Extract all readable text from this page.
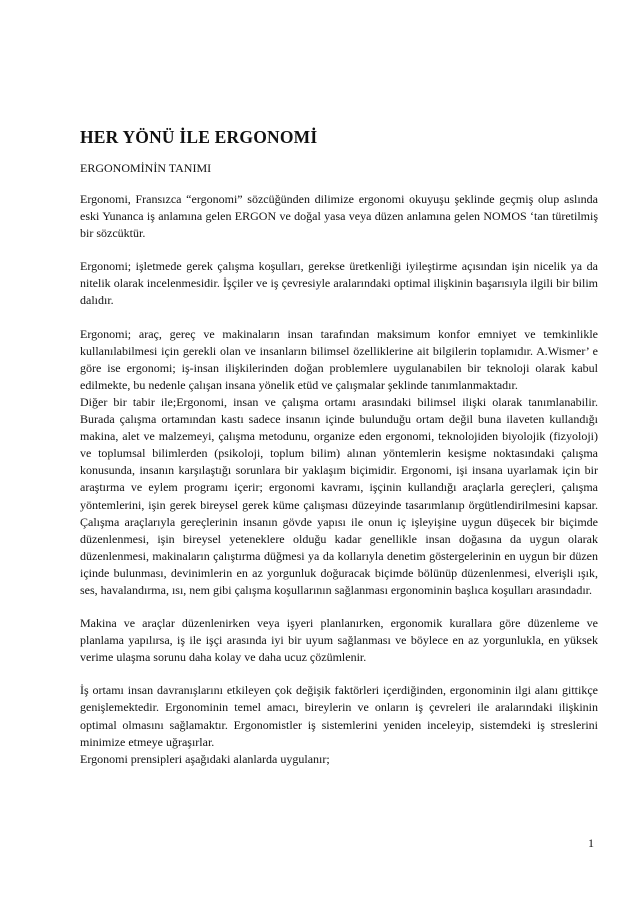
HER YÖNÜ İLE ERGONOMİ
ERGONOMİNİN TANIMI

Ergonomi, Fransızca “ergonomi” sözcüğünden dilimize ergonomi okuyuşu şeklinde geçmiş olup aslında eski Yunanca iş anlamına gelen ERGON ve doğal yasa veya düzen anlamına gelen NOMOS ‘tan türetilmiş bir sözcüktür.

Ergonomi; işletmede gerek çalışma koşulları, gerekse üretkenliği iyileştirme açısından işin nicelik ya da nitelik olarak incelenmesidir. İşçiler ve iş çevresiyle aralarındaki optimal ilişkinin başarısıyla ilgili bir bilim dalıdır.

Ergonomi; araç, gereç ve makinaların insan tarafından maksimum konfor emniyet ve temkinlikle kullanılabilmesi için gerekli olan ve insanların bilimsel özelliklerine ait bilgilerin toplamıdır. A.Wismer’ e göre ise ergonomi; iş-insan ilişkilerinden doğan problemlere uygulanabilen bir teknoloji olarak kabul edilmekte, bu nedenle çalışan insana yönelik etüd ve çalışmalar şeklinde tanımlanmaktadır.

Diğer bir tabir ile;Ergonomi, insan ve çalışma ortamı arasındaki bilimsel ilişki olarak tanımlanabilir. Burada çalışma ortamından kastı sadece insanın içinde bulunduğu ortam değil buna ilaveten kullandığı makina, alet ve malzemeyi, çalışma metodunu, organize eden ergonomi, teknolojiden biyolojik (fizyoloji) ve toplumsal bilimlerden (psikoloji, toplum bilim) alınan yöntemlerin kesişme noktasındaki çalışma konusunda, insanın karşılaştığı sorunlara bir yaklaşım biçimidir. Ergonomi, işi insana uyarlamak için bir araştırma ve eylem programı içerir; ergonomi kavramı, işçinin kullandığı araçlarla gereçleri, çalışma yöntemlerini, işin gerek bireysel gerek küme çalışması düzeyinde tasarımlanıp örgütlendirilmesini kapsar. Çalışma araçlarıyla gereçlerinin insanın gövde yapısı ile onun iç işleyişine uygun düşecek bir biçimde düzenlenmesi, işin bireysel yeteneklere olduğu kadar genellikle insan doğasına da uygun olarak düzenlenmesi, makinaların çalıştırma düğmesi ya da kollarıyla denetim göstergelerinin en uygun bir düzen içinde bulunması, devinimlerin en az yorgunluk doğuracak biçimde bölünüp düzenlenmesi, elverişli ışık, ses, havalandırma, ısı, nem gibi çalışma koşullarının sağlanması ergonominin başlıca koşulları arasındadır.

Makina ve araçlar düzenlenirken veya işyeri planlanırken, ergonomik kurallara göre düzenleme ve planlama yapılırsa, iş ile işçi arasında iyi bir uyum sağlanması ve böylece en az yorgunlukla, en yüksek verime ulaşma sorunu daha kolay ve daha ucuz çözümlenir.

İş ortamı insan davranışlarını etkileyen çok değişik faktörleri içerdiğinden, ergonominin ilgi alanı gittikçe genişlemektedir. Ergonominin temel amacı, bireylerin ve onların iş çevreleri ile aralarındaki ilişkinin optimal olmasını sağlamaktır. Ergonomistler iş sistemlerini yeniden inceleyip, sistemdeki iş streslerini minimize etmeye uğraşırlar.

Ergonomi prensipleri aşağıdaki alanlarda uygulanır;

1
